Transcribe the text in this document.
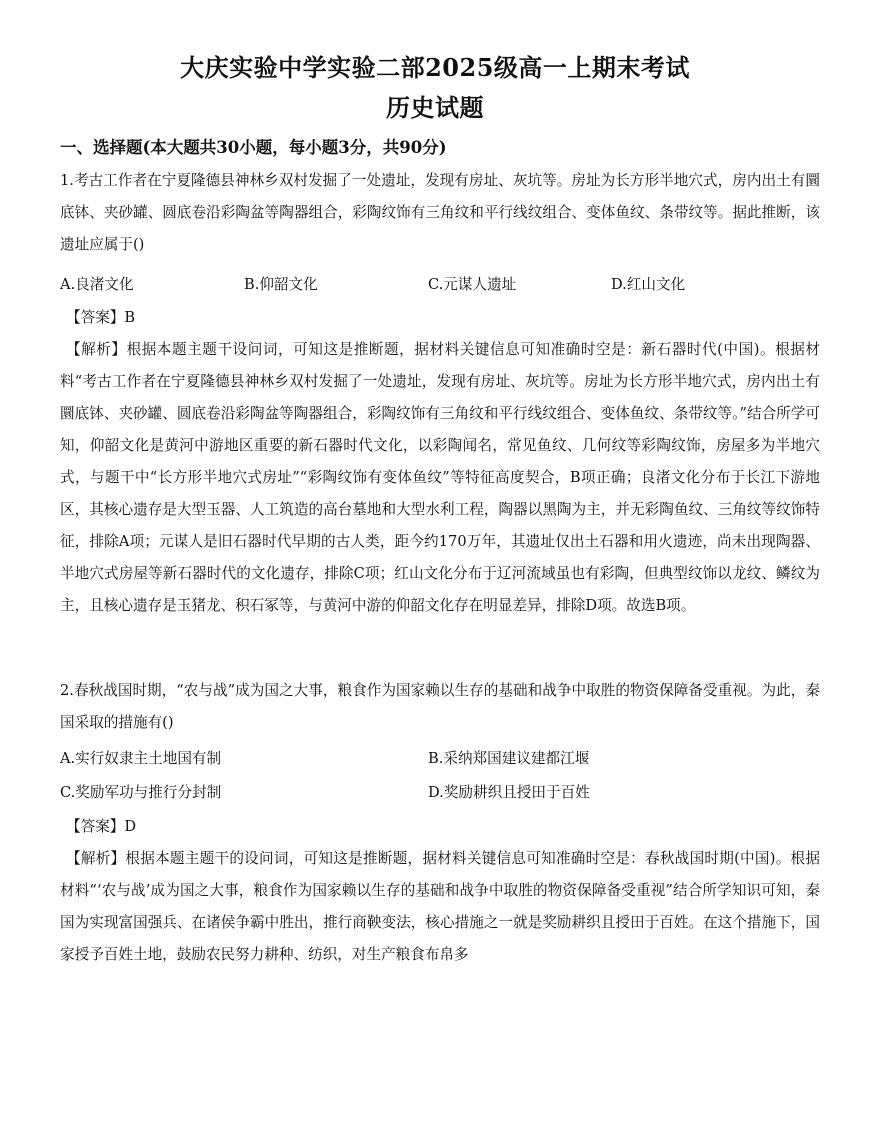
大庆实验中学实验二部2025级高一上期末考试
历史试题
一、选择题(本大题共30小题，每小题3分，共90分)
1.考古工作者在宁夏隆德县神林乡双村发掘了一处遗址，发现有房址、灰坑等。房址为长方形半地穴式，房内出土有圜底钵、夹砂罐、圆底卷沿彩陶盆等陶器组合，彩陶纹饰有三角纹和平行线纹组合、变体鱼纹、条带纹等。据此推断，该遗址应属于()
A.良渚文化	B.仰韶文化	C.元谋人遗址	D.红山文化
【答案】B
【解析】根据本题主题干设问词，可知这是推断题，据材料关键信息可知准确时空是：新石器时代(中国)。根据材料“考古工作者在宁夏隆德县神林乡双村发掘了一处遗址，发现有房址、灰坑等。房址为长方形半地穴式，房内出土有圜底钵、夹砂罐、圆底卷沿彩陶盆等陶器组合，彩陶纹饰有三角纹和平行线纹组合、变体鱼纹、条带纹等。”结合所学可知，仰韶文化是黄河中游地区重要的新石器时代文化，以彩陶闻名，常见鱼纹、几何纹等彩陶纹饰，房屋多为半地穴式，与题干中“长方形半地穴式房址”“彩陶纹饰有变体鱼纹”等特征高度契合，B项正确；良渚文化分布于长江下游地区，其核心遗存是大型玉器、人工筑造的高台墓地和大型水利工程，陶器以黑陶为主，并无彩陶鱼纹、三角纹等纹饰特征，排除A项；元谋人是旧石器时代早期的古人类，距今约170万年，其遗址仅出土石器和用火遗迹，尚未出现陶器、半地穴式房屋等新石器时代的文化遗存，排除C项；红山文化分布于辽河流域虽也有彩陶，但典型纹饰以龙纹、鳞纹为主，且核心遗存是玉猪龙、积石冢等，与黄河中游的仰韶文化存在明显差异，排除D项。故选B项。
2.春秋战国时期，“农与战”成为国之大事，粮食作为国家赖以生存的基础和战争中取胜的物资保障备受重视。为此，秦国采取的措施有()
A.实行奴隶主土地国有制	B.采纳郑国建议建都江堰
C.奖励军功与推行分封制	D.奖励耕织且授田于百姓
【答案】D
【解析】根据本题主题干的设问词，可知这是推断题，据材料关键信息可知准确时空是：春秋战国时期(中国)。根据材料“‘农与战’成为国之大事，粮食作为国家赖以生存的基础和战争中取胜的物资保障备受重视”结合所学知识可知，秦国为实现富国强兵、在诸侯争霸中胜出，推行商鞅变法，核心措施之一就是奖励耕织且授田于百姓。在这个措施下，国家授予百姓土地，鼓励农民努力耕种、纺织，对生产粮食布帛多
